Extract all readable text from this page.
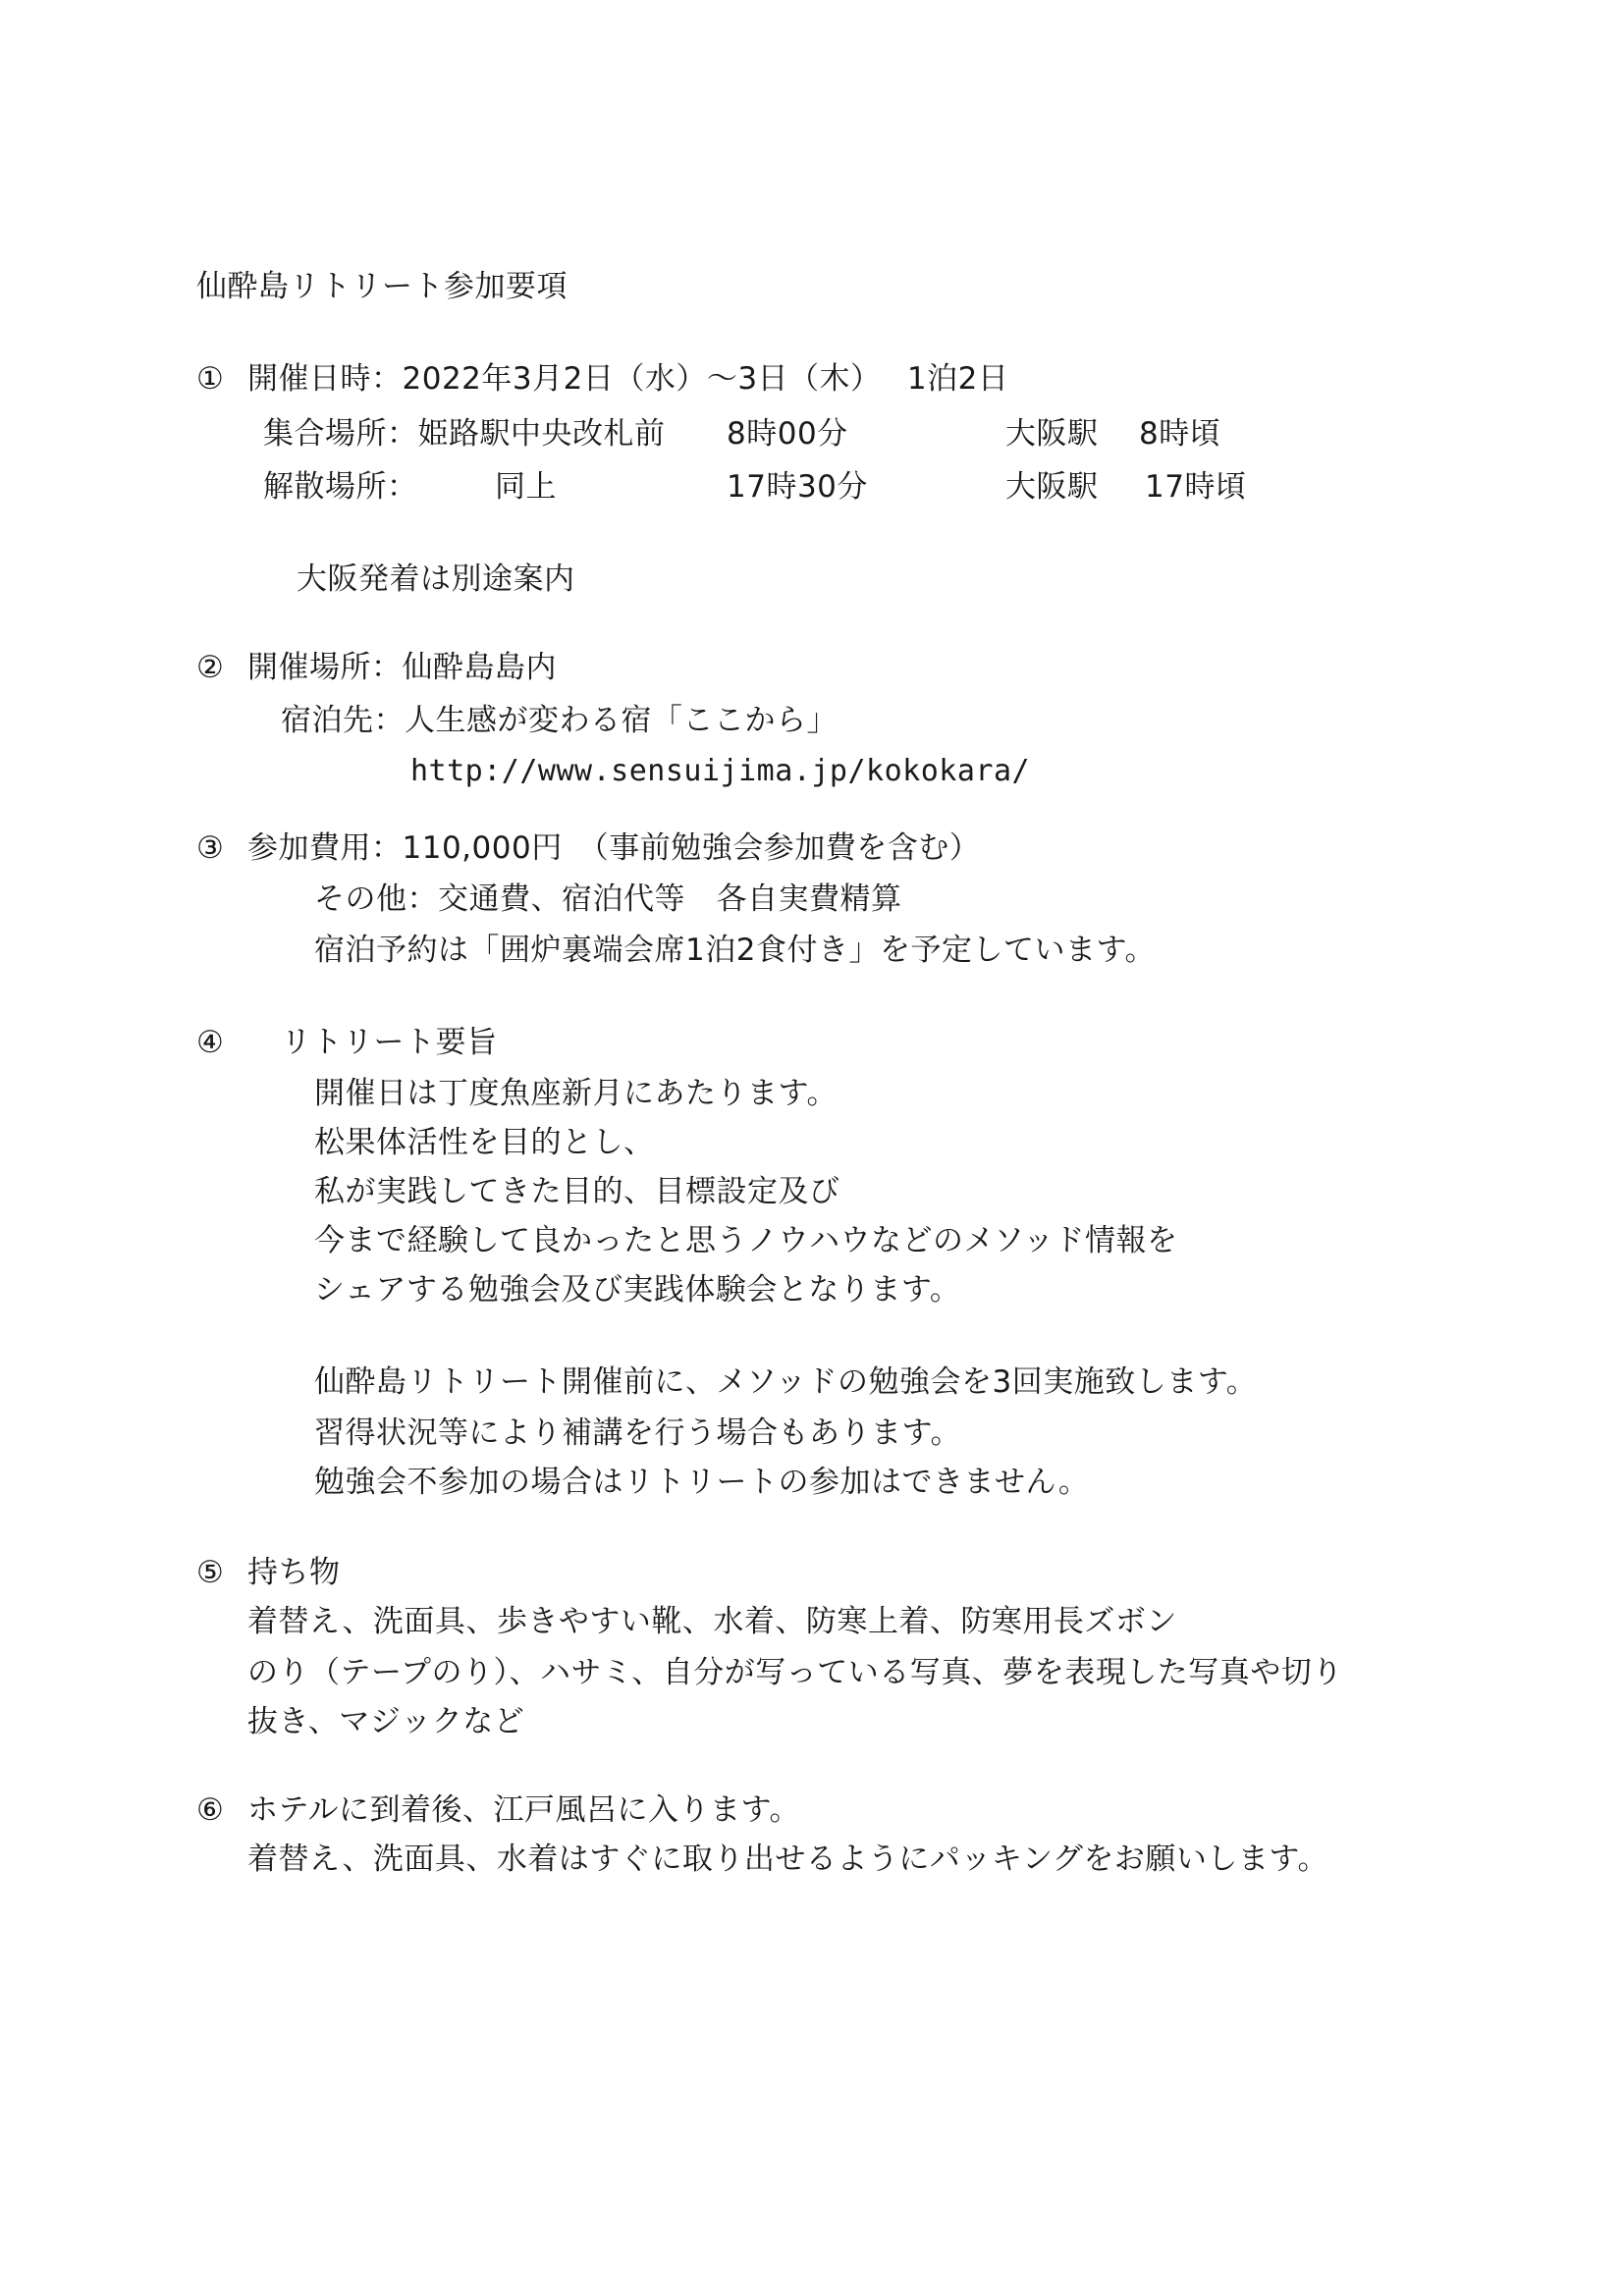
仙酔島リトリート参加要項
① 開催日時：2022年3月2日（水）～3日（木）　 1泊2日
集合場所：姫路駅中央改札前 8時00分	大阪駅 8時頃
解散場所：	同上	17時30分	大阪駅 17時頃
大阪発着は別途案内
② 開催場所：仙酔島島内
宿泊先：人生感が変わる宿「ここから」
http://www.sensuijima.jp/kokokara/
③ 参加費用：110,000円　（事前勉強会参加費を含む）
その他：交通費、宿泊代等　各自実費精算
宿泊予約は「囲炉裏端会席1泊2食付き」を予定しています。
④ リトリート要旨
開催日は丁度魚座新月にあたります。
松果体活性を目的とし、
私が実践してきた目的、目標設定及び
今まで経験して良かったと思うノウハウなどのメソッド情報を
シェアする勉強会及び実践体験会となります。
仙酔島リトリート開催前に、メソッドの勉強会を3回実施致します。
習得状況等により補講を行う場合もあります。
勉強会不参加の場合はリトリートの参加はできません。
⑤ 持ち物
着替え、洗面具、歩きやすい靴、水着、防寒上着、防寒用長ズボン
のり（テープのり）、ハサミ、自分が写っている写真、夢を表現した写真や切り
抜き、マジックなど
⑥ ホテルに到着後、江戸風呂に入ります。
着替え、洗面具、水着はすぐに取り出せるようにパッキングをお願いします。
